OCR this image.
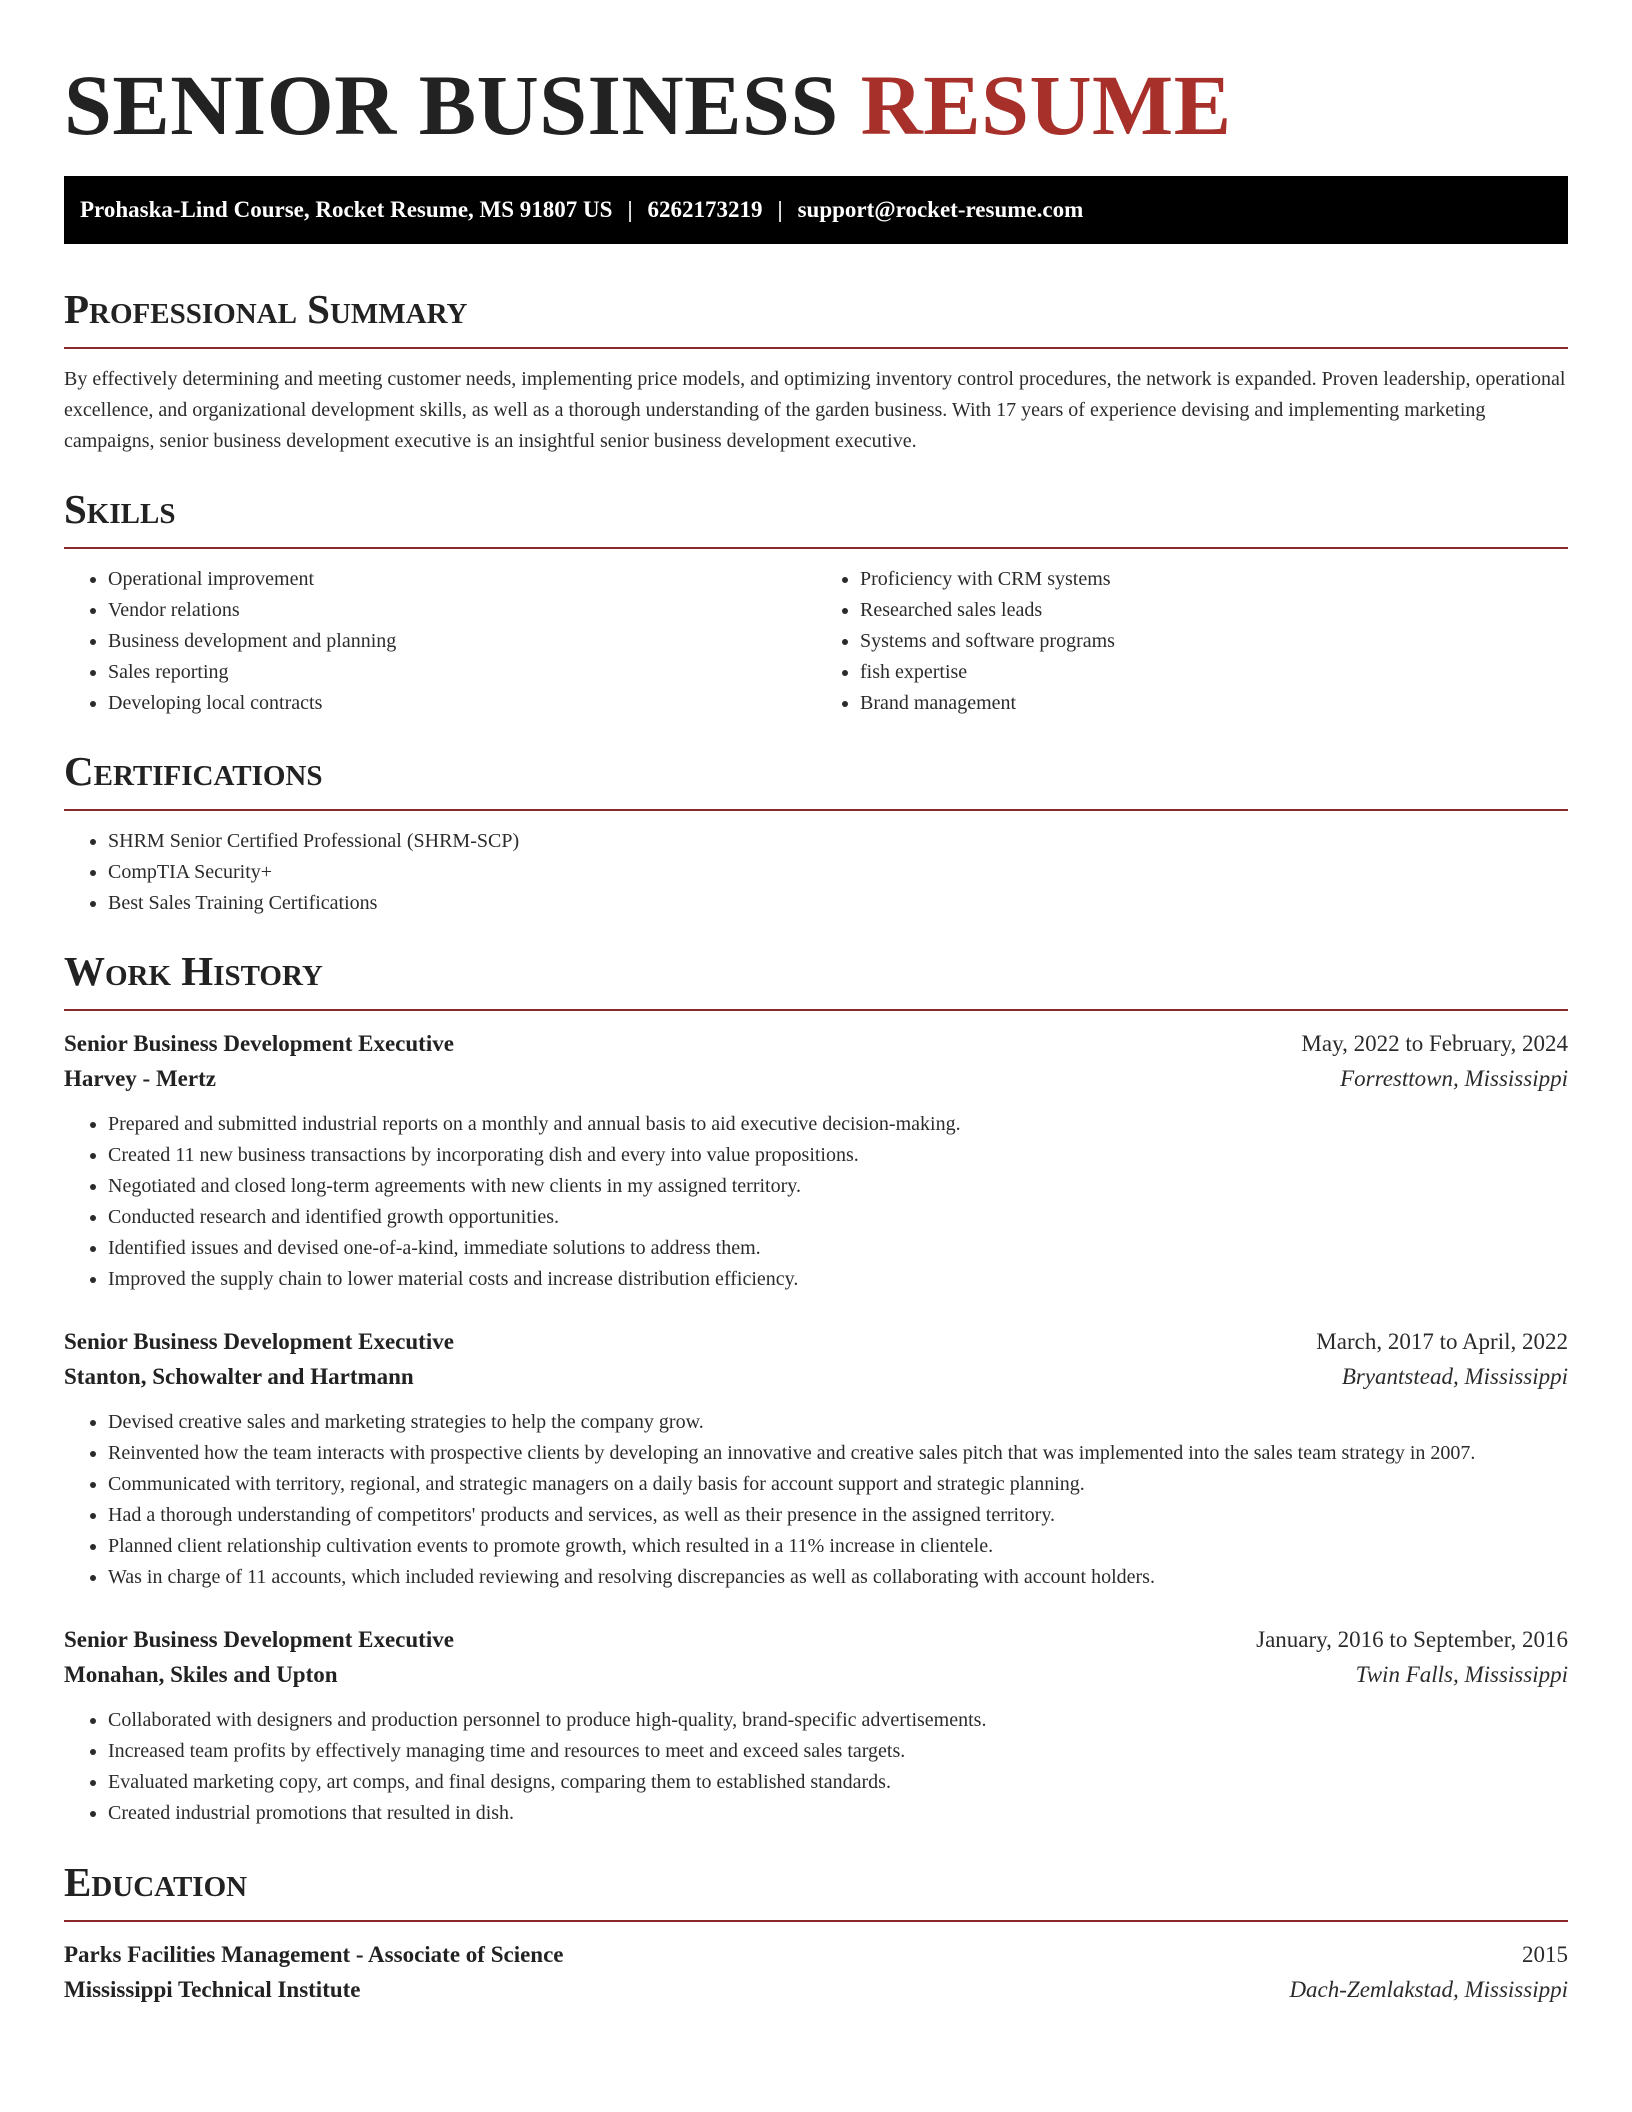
SENIOR BUSINESS RESUME
Prohaska-Lind Course, Rocket Resume, MS 91807 US | 6262173219 | support@rocket-resume.com
Professional Summary

By effectively determining and meeting customer needs, implementing price models, and optimizing inventory control procedures, the network is expanded. Proven leadership, operational excellence, and organizational development skills, as well as a thorough understanding of the garden business. With 17 years of experience devising and implementing marketing campaigns, senior business development executive is an insightful senior business development executive.

Skills
• Operational improvement
• Vendor relations
• Business development and planning
• Sales reporting
• Developing local contracts
• Proficiency with CRM systems
• Researched sales leads
• Systems and software programs
• fish expertise
• Brand management
Certifications
• SHRM Senior Certified Professional (SHRM-SCP)
• CompTIA Security+
• Best Sales Training Certifications
Work History
Senior Business Development Executive	May, 2022 to February, 2024
Harvey - Mertz	Forresttown, Mississippi
• Prepared and submitted industrial reports on a monthly and annual basis to aid executive decision-making.
• Created 11 new business transactions by incorporating dish and every into value propositions.
• Negotiated and closed long-term agreements with new clients in my assigned territory.
• Conducted research and identified growth opportunities.
• Identified issues and devised one-of-a-kind, immediate solutions to address them.
• Improved the supply chain to lower material costs and increase distribution efficiency.
Senior Business Development Executive	March, 2017 to April, 2022
Stanton, Schowalter and Hartmann	Bryantstead, Mississippi
• Devised creative sales and marketing strategies to help the company grow.
• Reinvented how the team interacts with prospective clients by developing an innovative and creative sales pitch that was implemented into the sales team strategy in 2007.
• Communicated with territory, regional, and strategic managers on a daily basis for account support and strategic planning.
• Had a thorough understanding of competitors' products and services, as well as their presence in the assigned territory.
• Planned client relationship cultivation events to promote growth, which resulted in a 11% increase in clientele.
• Was in charge of 11 accounts, which included reviewing and resolving discrepancies as well as collaborating with account holders.
Senior Business Development Executive	January, 2016 to September, 2016
Monahan, Skiles and Upton	Twin Falls, Mississippi
• Collaborated with designers and production personnel to produce high-quality, brand-specific advertisements.
• Increased team profits by effectively managing time and resources to meet and exceed sales targets.
• Evaluated marketing copy, art comps, and final designs, comparing them to established standards.
• Created industrial promotions that resulted in dish.
Education
Parks Facilities Management - Associate of Science	2015
Mississippi Technical Institute	Dach-Zemlakstad, Mississippi
